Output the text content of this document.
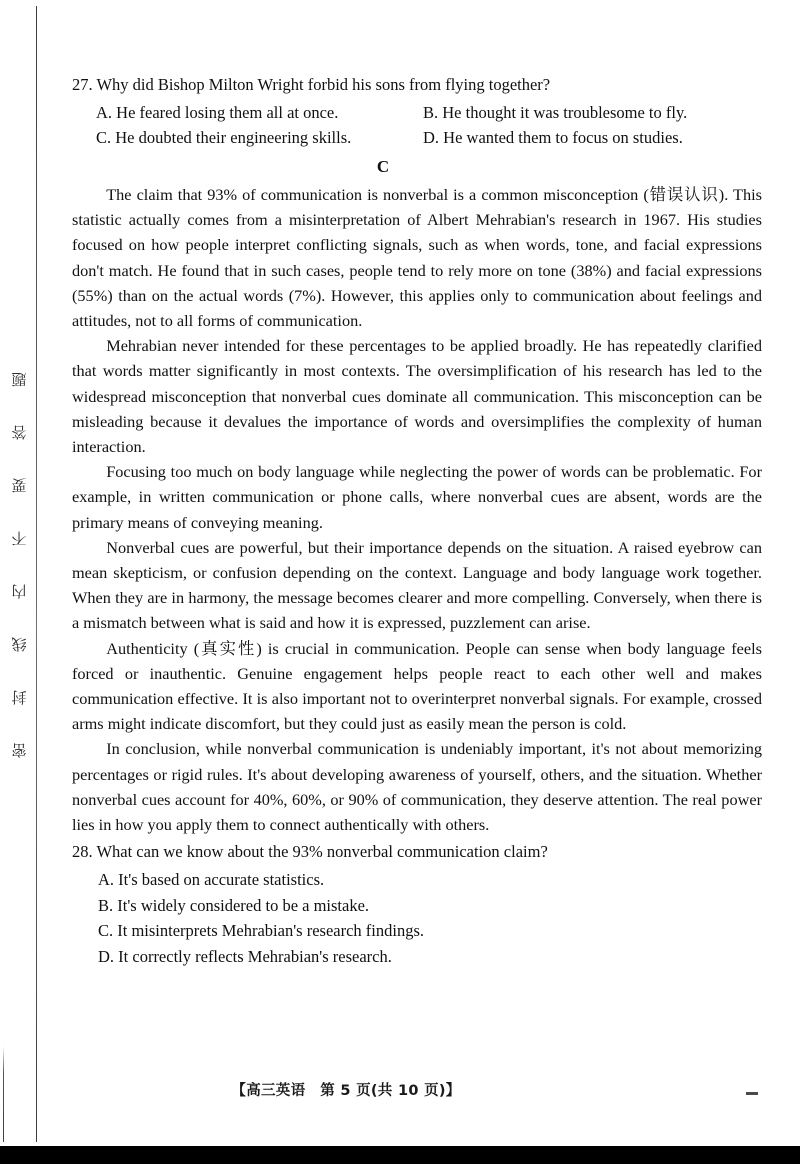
题
答
要
不
内
线
封
密

27. Why did Bishop Milton Wright forbid his sons from flying together?

A. He feared losing them all at once.	B. He thought it was troublesome to fly.
C. He doubted their engineering skills.	D. He wanted them to focus on studies.
C

The claim that 93% of communication is nonverbal is a common misconception (错误认识). This statistic actually comes from a misinterpretation of Albert Mehrabian's research in 1967. His studies focused on how people interpret conflicting signals, such as when words, tone, and facial expressions don't match. He found that in such cases, people tend to rely more on tone (38%) and facial expressions (55%) than on the actual words (7%). However, this applies only to communication about feelings and attitudes, not to all forms of communication.

Mehrabian never intended for these percentages to be applied broadly. He has repeatedly clarified that words matter significantly in most contexts. The oversimplification of his research has led to the widespread misconception that nonverbal cues dominate all communication. This misconception can be misleading because it devalues the importance of words and oversimplifies the complexity of human interaction.

Focusing too much on body language while neglecting the power of words can be problematic. For example, in written communication or phone calls, where nonverbal cues are absent, words are the primary means of conveying meaning.

Nonverbal cues are powerful, but their importance depends on the situation. A raised eyebrow can mean skepticism, or confusion depending on the context. Language and body language work together. When they are in harmony, the message becomes clearer and more compelling. Conversely, when there is a mismatch between what is said and how it is expressed, puzzlement can arise.

Authenticity (真实性) is crucial in communication. People can sense when body language feels forced or inauthentic. Genuine engagement helps people react to each other well and makes communication effective. It is also important not to overinterpret nonverbal signals. For example, crossed arms might indicate discomfort, but they could just as easily mean the person is cold.

In conclusion, while nonverbal communication is undeniably important, it's not about memorizing percentages or rigid rules. It's about developing awareness of yourself, others, and the situation. Whether nonverbal cues account for 40%, 60%, or 90% of communication, they deserve attention. The real power lies in how you apply them to connect authentically with others.

28. What can we know about the 93% nonverbal communication claim?

A. It's based on accurate statistics.
B. It's widely considered to be a mistake.
C. It misinterprets Mehrabian's research findings.
D. It correctly reflects Mehrabian's research.
【高三英语　第 5 页(共 10 页)】
